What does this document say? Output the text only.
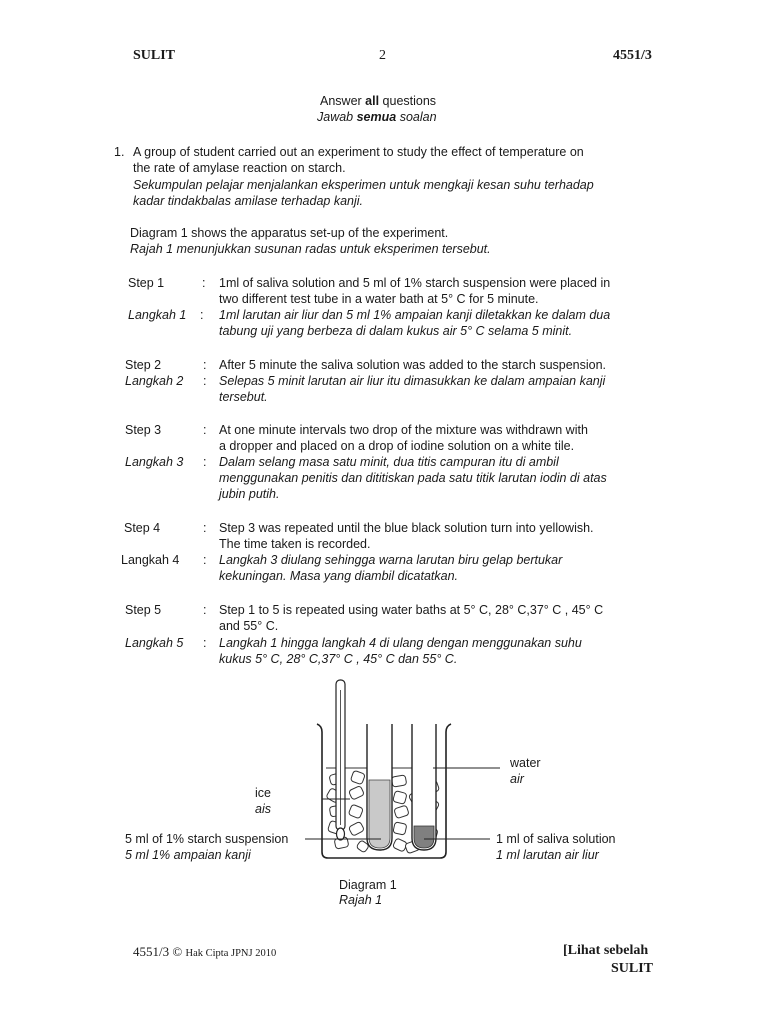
SULIT	2	4551/3
Answer all questions
Jawab semua soalan
1. A group of student carried out an experiment to study the effect of temperature on
the rate of amylase reaction on starch.
Sekumpulan pelajar menjalankan eksperimen untuk mengkaji kesan suhu terhadap
kadar tindakbalas amilase terhadap kanji.
Diagram 1 shows the apparatus set-up of the experiment.
Rajah 1 menunjukkan susunan radas untuk eksperimen tersebut.
Step 1	: 1ml of saliva solution and 5 ml of 1% starch suspension were placed in
two different test tube in a water bath at 5° C for 5 minute.
Langkah 1 : 1ml larutan air liur dan 5 ml 1% ampaian kanji diletakkan ke dalam dua
tabung uji yang berbeza di dalam kukus air 5° C selama 5 minit.
Step 2	: After 5 minute the saliva solution was added to the starch suspension.
Langkah 2 : Selepas 5 minit larutan air liur itu dimasukkan ke dalam ampaian kanji
tersebut.
Step 3	: At one minute intervals two drop of the mixture was withdrawn with
a dropper and placed on a drop of iodine solution on a white tile.
Langkah 3 : Dalam selang masa satu minit, dua titis campuran itu di ambil
menggunakan penitis dan dititiskan pada satu titik larutan iodin di atas
jubin putih.
Step 4	: Step 3 was repeated until the blue black solution turn into yellowish.
The time taken is recorded.
Langkah 4 : Langkah 3 diulang sehingga warna larutan biru gelap bertukar
kekuningan. Masa yang diambil dicatatkan.
Step 5	: Step 1 to 5 is repeated using water baths at 5° C, 28° C,37° C , 45° C
and 55° C.
Langkah 5 : Langkah 1 hingga langkah 4 di ulang dengan menggunakan suhu
kukus 5° C, 28° C,37° C , 45° C dan 55° C.
water
air
ice
ais
5 ml of 1% starch suspension
5 ml 1% ampaian kanji
1 ml of saliva solution
1 ml larutan air liur
Diagram 1
Rajah 1
4551/3 © Hak Cipta JPNJ 2010	[Lihat sebelah
SULIT
